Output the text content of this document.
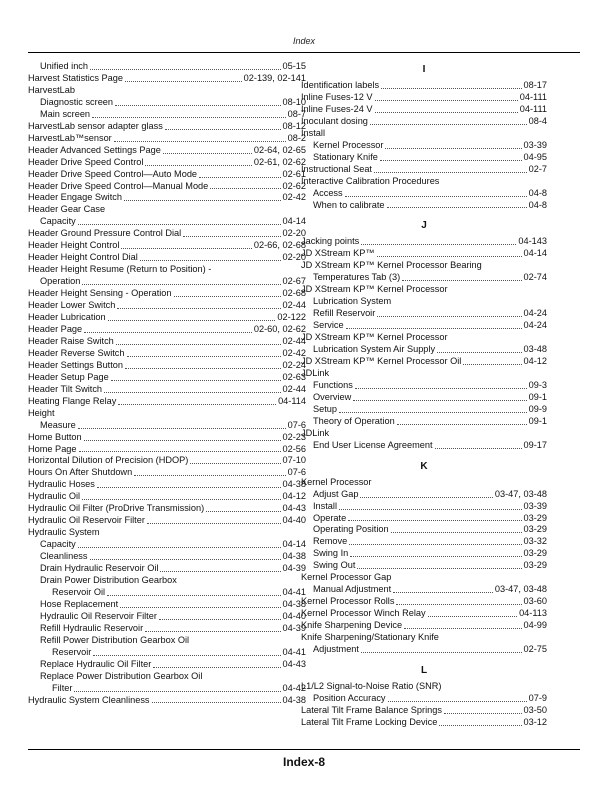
Index
Unified inch	05-15
Harvest Statistics Page	02-139, 02-141
HarvestLab
Diagnostic screen	08-10
Main screen	08-7
HarvestLab sensor adapter glass	08-12
HarvestLab™sensor	08-2
Header Advanced Settings Page	02-64, 02-65
Header Drive Speed Control	02-61, 02-62
Header Drive Speed Control—Auto Mode	02-61
Header Drive Speed Control—Manual Mode	02-62
Header Engage Switch	02-42
Header Gear Case
Capacity	04-14
Header Ground Pressure Control Dial	02-20
Header Height Control	02-66, 02-68
Header Height Control Dial	02-20
Header Height Resume (Return to Position) -
Operation	02-67
Header Height Sensing - Operation	02-68
Header Lower Switch	02-44
Header Lubrication	02-122
Header Page	02-60, 02-62
Header Raise Switch	02-44
Header Reverse Switch	02-42
Header Settings Button	02-24
Header Setup Page	02-63
Header Tilt Switch	02-44
Heating Flange Relay	04-114
Height
Measure	07-6
Home Button	02-23
Home Page	02-56
Horizontal Dilution of Precision (HDOP)	07-10
Hours On After Shutdown	07-6
Hydraulic Hoses	04-38
Hydraulic Oil	04-12
Hydraulic Oil Filter (ProDrive Transmission)	04-43
Hydraulic Oil Reservoir Filter	04-40
Hydraulic System
Capacity	04-14
Cleanliness	04-38
Drain Hydraulic Reservoir Oil	04-39
Drain Power Distribution Gearbox
Reservoir Oil	04-41
Hose Replacement	04-38
Hydraulic Oil Reservoir Filter	04-40
Refill Hydraulic Reservoir	04-39
Refill Power Distribution Gearbox Oil
Reservoir	04-41
Replace Hydraulic Oil Filter	04-43
Replace Power Distribution Gearbox Oil
Filter	04-42
Hydraulic System Cleanliness	04-38
I
Identification labels	08-17
Inline Fuses-12 V	04-111
Inline Fuses-24 V	04-111
Inoculant dosing	08-4
Install
Kernel Processor	03-39
Stationary Knife	04-95
Instructional Seat	02-7
Interactive Calibration Procedures
Access	04-8
When to calibrate	04-8
J
Jacking points	04-143
JD XStream KP™	04-14
JD XStream KP™ Kernel Processor Bearing
Temperatures Tab (3)	02-74
JD XStream KP™ Kernel Processor
Lubrication System
Refill Reservoir	04-24
Service	04-24
JD XStream KP™ Kernel Processor
Lubrication System Air Supply	03-48
JD XStream KP™ Kernel Processor Oil	04-12
JDLink
Functions	09-3
Overview	09-1
Setup	09-9
Theory of Operation	09-1
JDLink
End User License Agreement	09-17
K
Kernel Processor
Adjust Gap	03-47, 03-48
Install	03-39
Operate	03-29
Operating Position	03-29
Remove	03-32
Swing In	03-29
Swing Out	03-29
Kernel Processor Gap
Manual Adjustment	03-47, 03-48
Kernel Processor Rolls	03-60
Kernel Processor Winch Relay	04-113
Knife Sharpening Device	04-99
Knife Sharpening/Stationary Knife
Adjustment	02-75
L
L1/L2 Signal-to-Noise Ratio (SNR)
Position Accuracy	07-9
Lateral Tilt Frame Balance Springs	03-50
Lateral Tilt Frame Locking Device	03-12
Index-8
